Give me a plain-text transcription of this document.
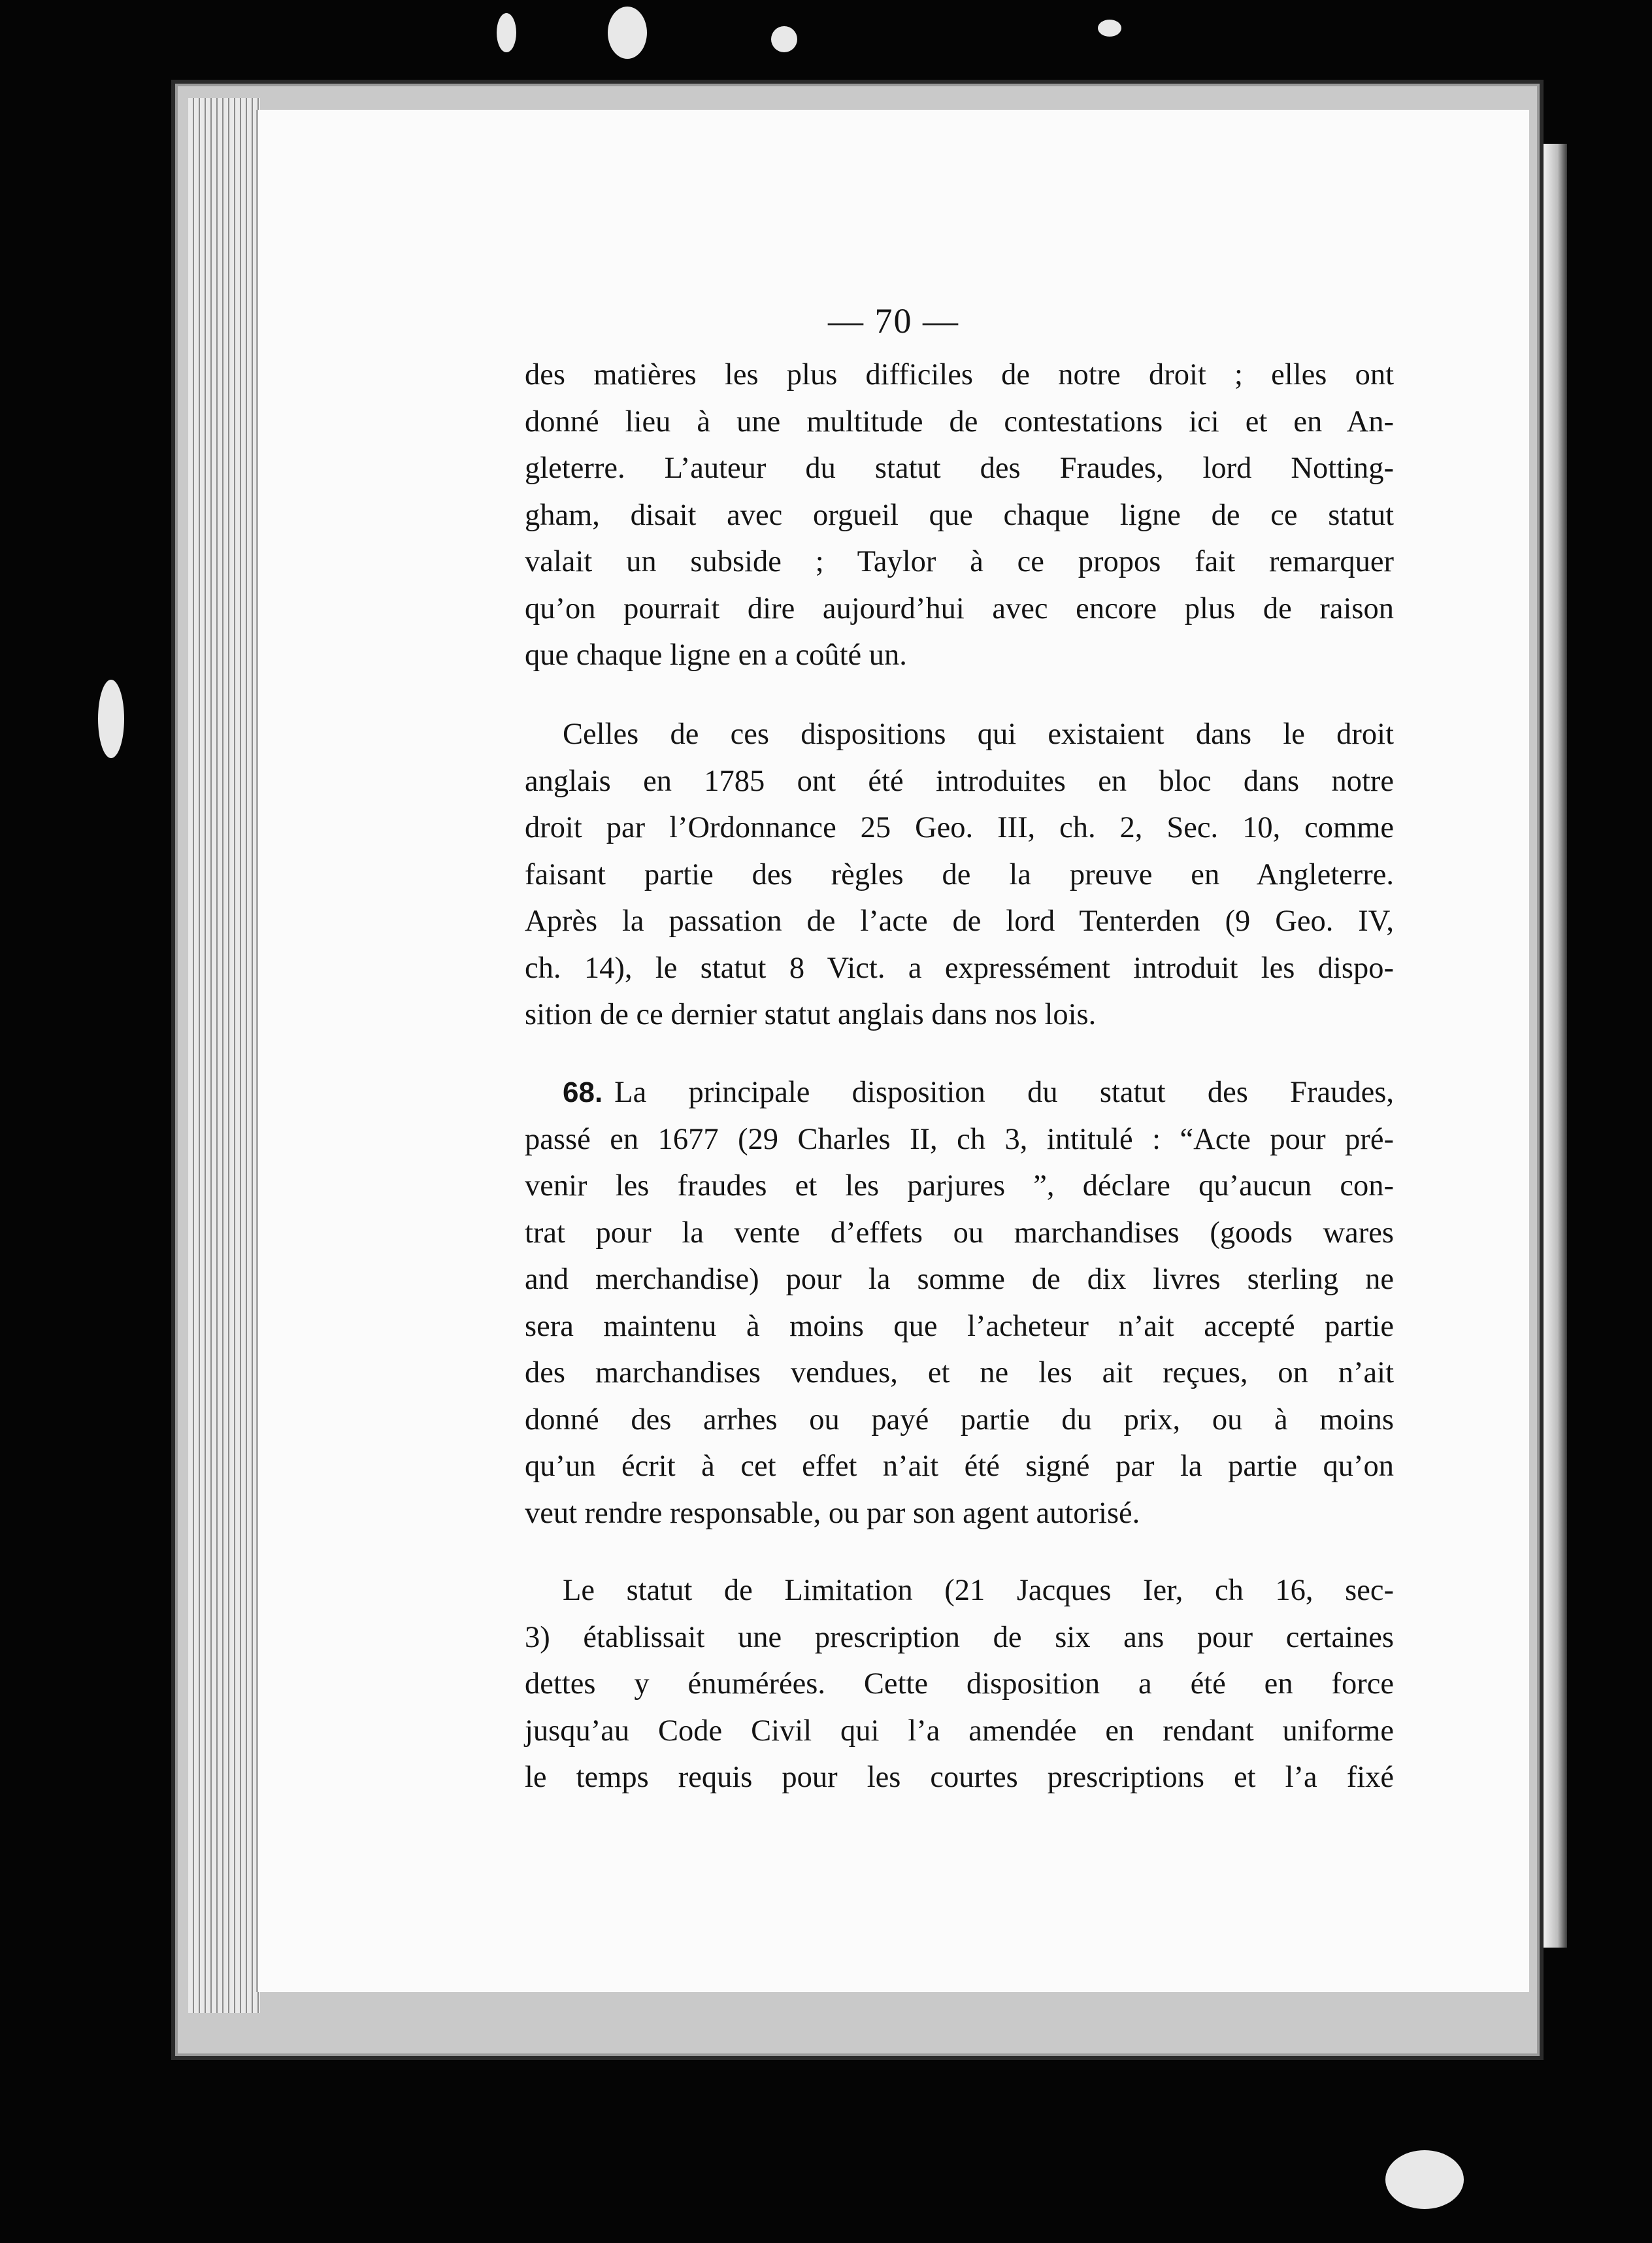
— 70 —
des matières les plus difficiles de notre droit ; elles ont
donné lieu à une multitude de contestations ici et en An-
gleterre. L’auteur du statut des Fraudes, lord Notting-
gham, disait avec orgueil que chaque ligne de ce statut
valait un subside ; Taylor à ce propos fait remarquer
qu’on pourrait dire aujourd’hui avec encore plus de raison
que chaque ligne en a coûté un.
Celles de ces dispositions qui existaient dans le droit
anglais en 1785 ont été introduites en bloc dans notre
droit par l’Ordonnance 25 Geo. III, ch. 2, Sec. 10, comme
faisant partie des règles de la preuve en Angleterre.
Après la passation de l’acte de lord Tenterden (9 Geo. IV,
ch. 14), le statut 8 Vict. a expressément introduit les dispo-
sition de ce dernier statut anglais dans nos lois.
68. La principale disposition du statut des Fraudes,
passé en 1677 (29 Charles II, ch 3, intitulé : “Acte pour pré-
venir les fraudes et les parjures ”, déclare qu’aucun con-
trat pour la vente d’effets ou marchandises (goods wares
and merchandise) pour la somme de dix livres sterling ne
sera maintenu à moins que l’acheteur n’ait accepté partie
des marchandises vendues, et ne les ait reçues, on n’ait
donné des arrhes ou payé partie du prix, ou à moins
qu’un écrit à cet effet n’ait été signé par la partie qu’on
veut rendre responsable, ou par son agent autorisé.
Le statut de Limitation (21 Jacques Ier, ch 16, sec-
3) établissait une prescription de six ans pour certaines
dettes y énumérées. Cette disposition a été en force
jusqu’au Code Civil qui l’a amendée en rendant uniforme
le temps requis pour les courtes prescriptions et l’a fixé
